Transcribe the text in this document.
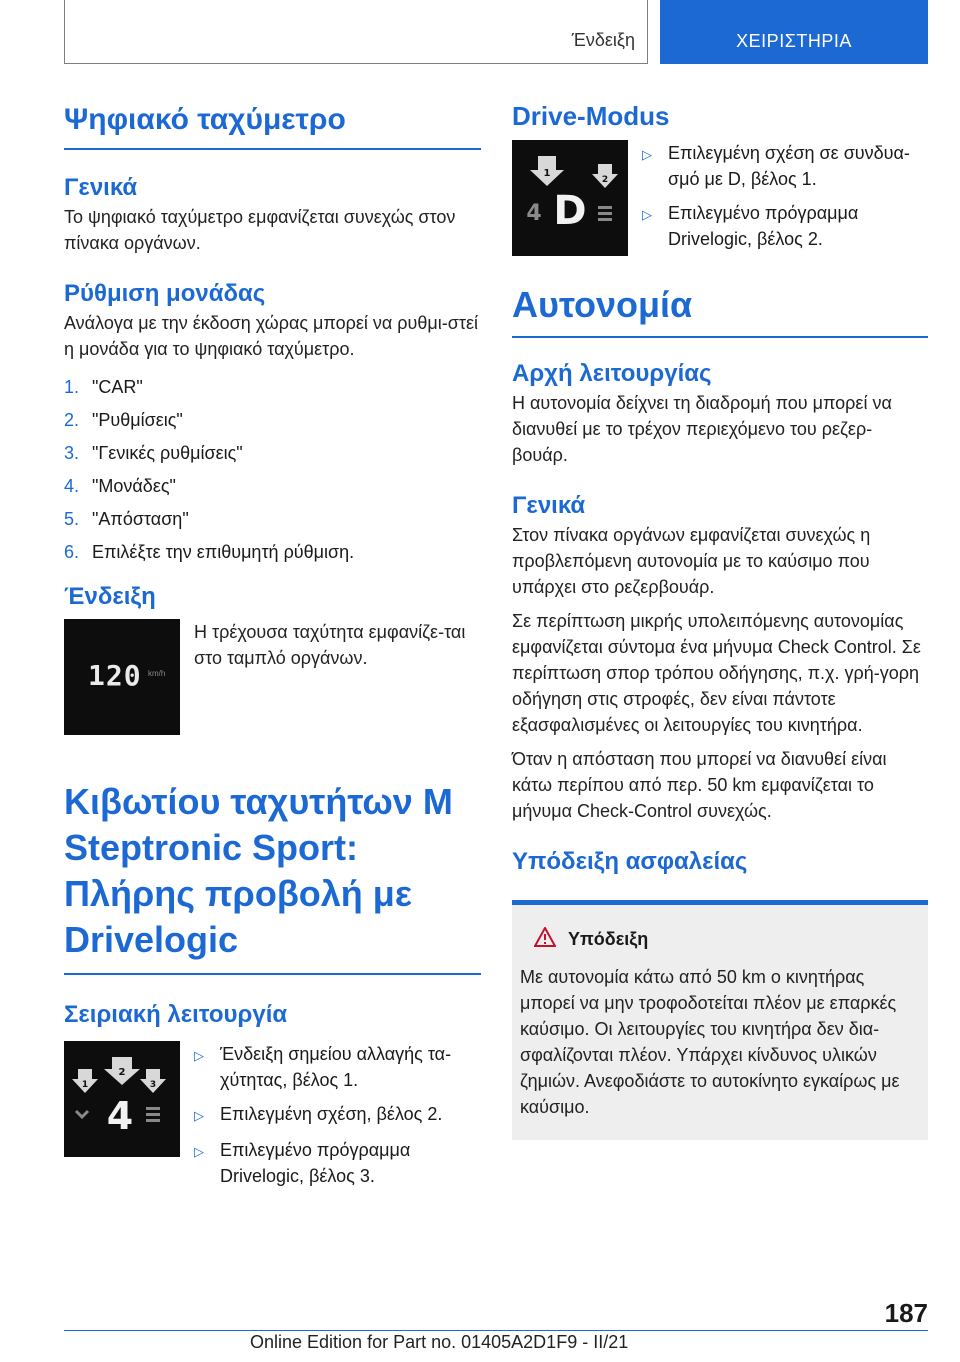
Ένδειξη	ΧΕΙΡΙΣΤΗΡΙΑ
Ψηφιακό ταχύμετρο
Γενικά

Το ψηφιακό ταχύμετρο εμφανίζεται συνεχώς στον πίνακα οργάνων.

Ρύθμιση μονάδας

Ανάλογα με την έκδοση χώρας μπορεί να ρυθμι-στεί η μονάδα για το ψηφιακό ταχύμετρο.

1. "CAR"
2. "Ρυθμίσεις"
3. "Γενικές ρυθμίσεις"
4. "Μονάδες"
5. "Απόσταση"
6. Επιλέξτε την επιθυμητή ρύθμιση.
Ένδειξη
120 km/h

Η τρέχουσα ταχύτητα εμφανίζε-ται στο ταμπλό οργάνων.

Κιβωτίου ταχυτήτων M Steptronic Sport: Πλήρης προβολή με Drivelogic
Σειριακή λειτουργία
1
2
3
4
▷ Ένδειξη σημείου αλλαγής τα-χύτητας, βέλος 1.
▷ Επιλεγμένη σχέση, βέλος 2.
▷ Επιλεγμένο πρόγραμμα Drivelogic, βέλος 3.
Drive-Modus
1
2
4 D
▷ Επιλεγμένη σχέση σε συνδυα-σμό με D, βέλος 1.
▷ Επιλεγμένο πρόγραμμα Drivelogic, βέλος 2.
Αυτονομία
Αρχή λειτουργίας

Η αυτονομία δείχνει τη διαδρομή που μπορεί να διανυθεί με το τρέχον περιεχόμενο του ρεζερ-βουάρ.

Γενικά

Στον πίνακα οργάνων εμφανίζεται συνεχώς η προβλεπόμενη αυτονομία με το καύσιμο που υπάρχει στο ρεζερβουάρ.

Σε περίπτωση μικρής υπολειπόμενης αυτονομίας εμφανίζεται σύντομα ένα μήνυμα Check Control. Σε περίπτωση σπορ τρόπου οδήγησης, π.χ. γρή-γορη οδήγηση στις στροφές, δεν είναι πάντοτε εξασφαλισμένες οι λειτουργίες του κινητήρα.

Όταν η απόσταση που μπορεί να διανυθεί είναι κάτω περίπου από περ. 50 km εμφανίζεται το μήνυμα Check-Control συνεχώς.

Υπόδειξη ασφαλείας
Υπόδειξη

Με αυτονομία κάτω από 50 km ο κινητήρας μπορεί να μην τροφοδοτείται πλέον με επαρκές καύσιμο. Οι λειτουργίες του κινητήρα δεν δια-σφαλίζονται πλέον. Υπάρχει κίνδυνος υλικών ζημιών. Ανεφοδιάστε το αυτοκίνητο εγκαίρως με καύσιμο.

187
Online Edition for Part no. 01405A2D1F9 - II/21
